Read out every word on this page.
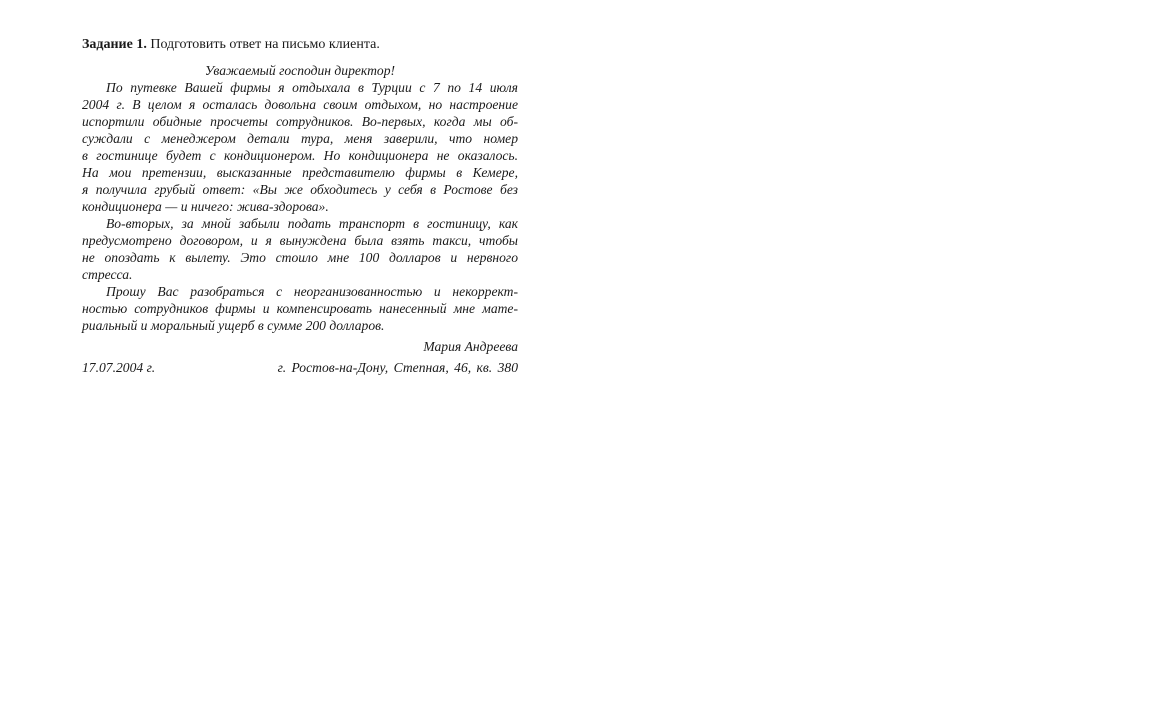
Задание 1. Подготовить ответ на письмо клиента.

Уважаемый господин директор!

По путевке Вашей фирмы я отдыхала в Турции с 7 по 14 июля
2004 г. В целом я осталась довольна своим отдыхом, но настроение
испортили обидные просчеты сотрудников. Во-первых, когда мы об-
суждали с менеджером детали тура, меня заверили, что номер
в гостинице будет с кондиционером. Но кондиционера не оказалось.
На мои претензии, высказанные представителю фирмы в Кемере,
я получила грубый ответ: «Вы же обходитесь у себя в Ростове без
кондиционера — и ничего: жива-здорова».
Во-вторых, за мной забыли подать транспорт в гостиницу, как
предусмотрено договором, и я вынуждена была взять такси, чтобы
не опоздать к вылету. Это стоило мне 100 долларов и нервного
стресса.
Прошу Вас разобраться с неорганизованностью и некоррект-
ностью сотрудников фирмы и компенсировать нанесенный мне мате-
риальный и моральный ущерб в сумме 200 долларов.
Мария Андреева
17.07.2004 г.	г. Ростов-на-Дону, Степная, 46, кв. 380
